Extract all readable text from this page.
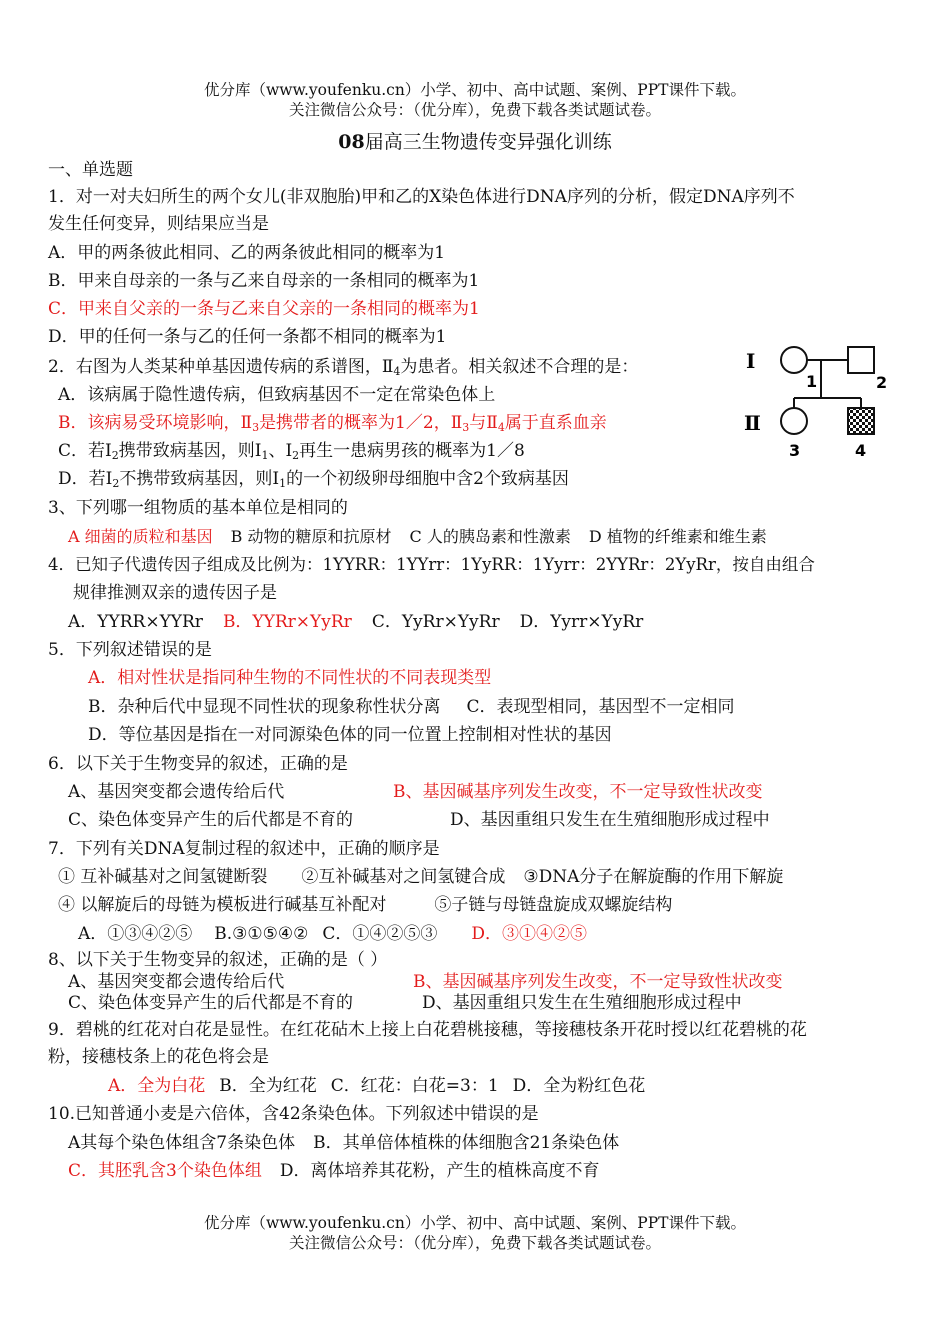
优分库（www.youfenku.cn）小学、初中、高中试题、案例、PPT课件下载。
关注微信公众号：（优分库），免费下载各类试题试卷。
08届高三生物遗传变异强化训练
一、单选题
1．对一对夫妇所生的两个女儿(非双胞胎)甲和乙的X染色体进行DNA序列的分析，假定DNA序列不
发生任何变异，则结果应当是
A．甲的两条彼此相同、乙的两条彼此相同的概率为1
B．甲来自母亲的一条与乙来自母亲的一条相同的概率为1
C．甲来自父亲的一条与乙来自父亲的一条相同的概率为1
D．甲的任何一条与乙的任何一条都不相同的概率为1
2．右图为人类某种单基因遗传病的系谱图，$Ⅱ_4$为患者。相关叙述不合理的是：
A．该病属于隐性遗传病，但致病基因不一定在常染色体上
B．该病易受环境影响，$Ⅱ_3$是携带者的概率为1／2，$Ⅱ_3$与$Ⅱ_4$属于直系血亲
C．若$I_2$携带致病基因，则$I_1$、$I_2$再生一患病男孩的概率为1／8
D．若$I_2$不携带致病基因，则$I_1$的一个初级卵母细胞中含2个致病基因
I
Ⅱ
1	2
3	4
3、下列哪一组物质的基本单位是相同的
A 细菌的质粒和基因 B 动物的糖原和抗原材 C 人的胰岛素和性激素 D 植物的纤维素和维生素
4．已知子代遗传因子组成及比例为：1YYRR：1YYrr：1YyRR：1Yyrr：2YYRr：2YyRr，按自由组合
规律推测双亲的遗传因子是
A．YYRR×YYRr B．YYRr×YyRr C．YyRr×YyRr D．Yyrr×YyRr
5．下列叙述错误的是
A．相对性状是指同种生物的不同性状的不同表现类型
B．杂种后代中显现不同性状的现象称性状分离 C．表现型相同，基因型不一定相同
D．等位基因是指在一对同源染色体的同一位置上控制相对性状的基因
6．以下关于生物变异的叙述，正确的是
A、基因突变都会遗传给后代	B、基因碱基序列发生改变，不一定导致性状改变
C、染色体变异产生的后代都是不育的	D、基因重组只发生在生殖细胞形成过程中
7．下列有关DNA复制过程的叙述中，正确的顺序是
① 互补碱基对之间氢键断裂 ②互补碱基对之间氢键合成 ③DNA分子在解旋酶的作用下解旋
④ 以解旋后的母链为模板进行碱基互补配对	⑤子链与母链盘旋成双螺旋结构
A．①③④②⑤ B.③①⑤④② C．①④②⑤③ D．③①④②⑤
8、以下关于生物变异的叙述，正确的是（ ）
A、基因突变都会遗传给后代	B、基因碱基序列发生改变，不一定导致性状改变
C、染色体变异产生的后代都是不育的	D、基因重组只发生在生殖细胞形成过程中
9．碧桃的红花对白花是显性。在红花砧木上接上白花碧桃接穗，等接穗枝条开花时授以红花碧桃的花
粉，接穗枝条上的花色将会是
A．全为白花 B．全为红花 C．红花：白花=3：1 D．全为粉红色花
10.已知普通小麦是六倍体，含42条染色体。下列叙述中错误的是
A其每个染色体组含7条染色体 B．其单倍体植株的体细胞含21条染色体
C．其胚乳含3个染色体组 D．离体培养其花粉，产生的植株高度不育
优分库（www.youfenku.cn）小学、初中、高中试题、案例、PPT课件下载。
关注微信公众号：（优分库），免费下载各类试题试卷。
